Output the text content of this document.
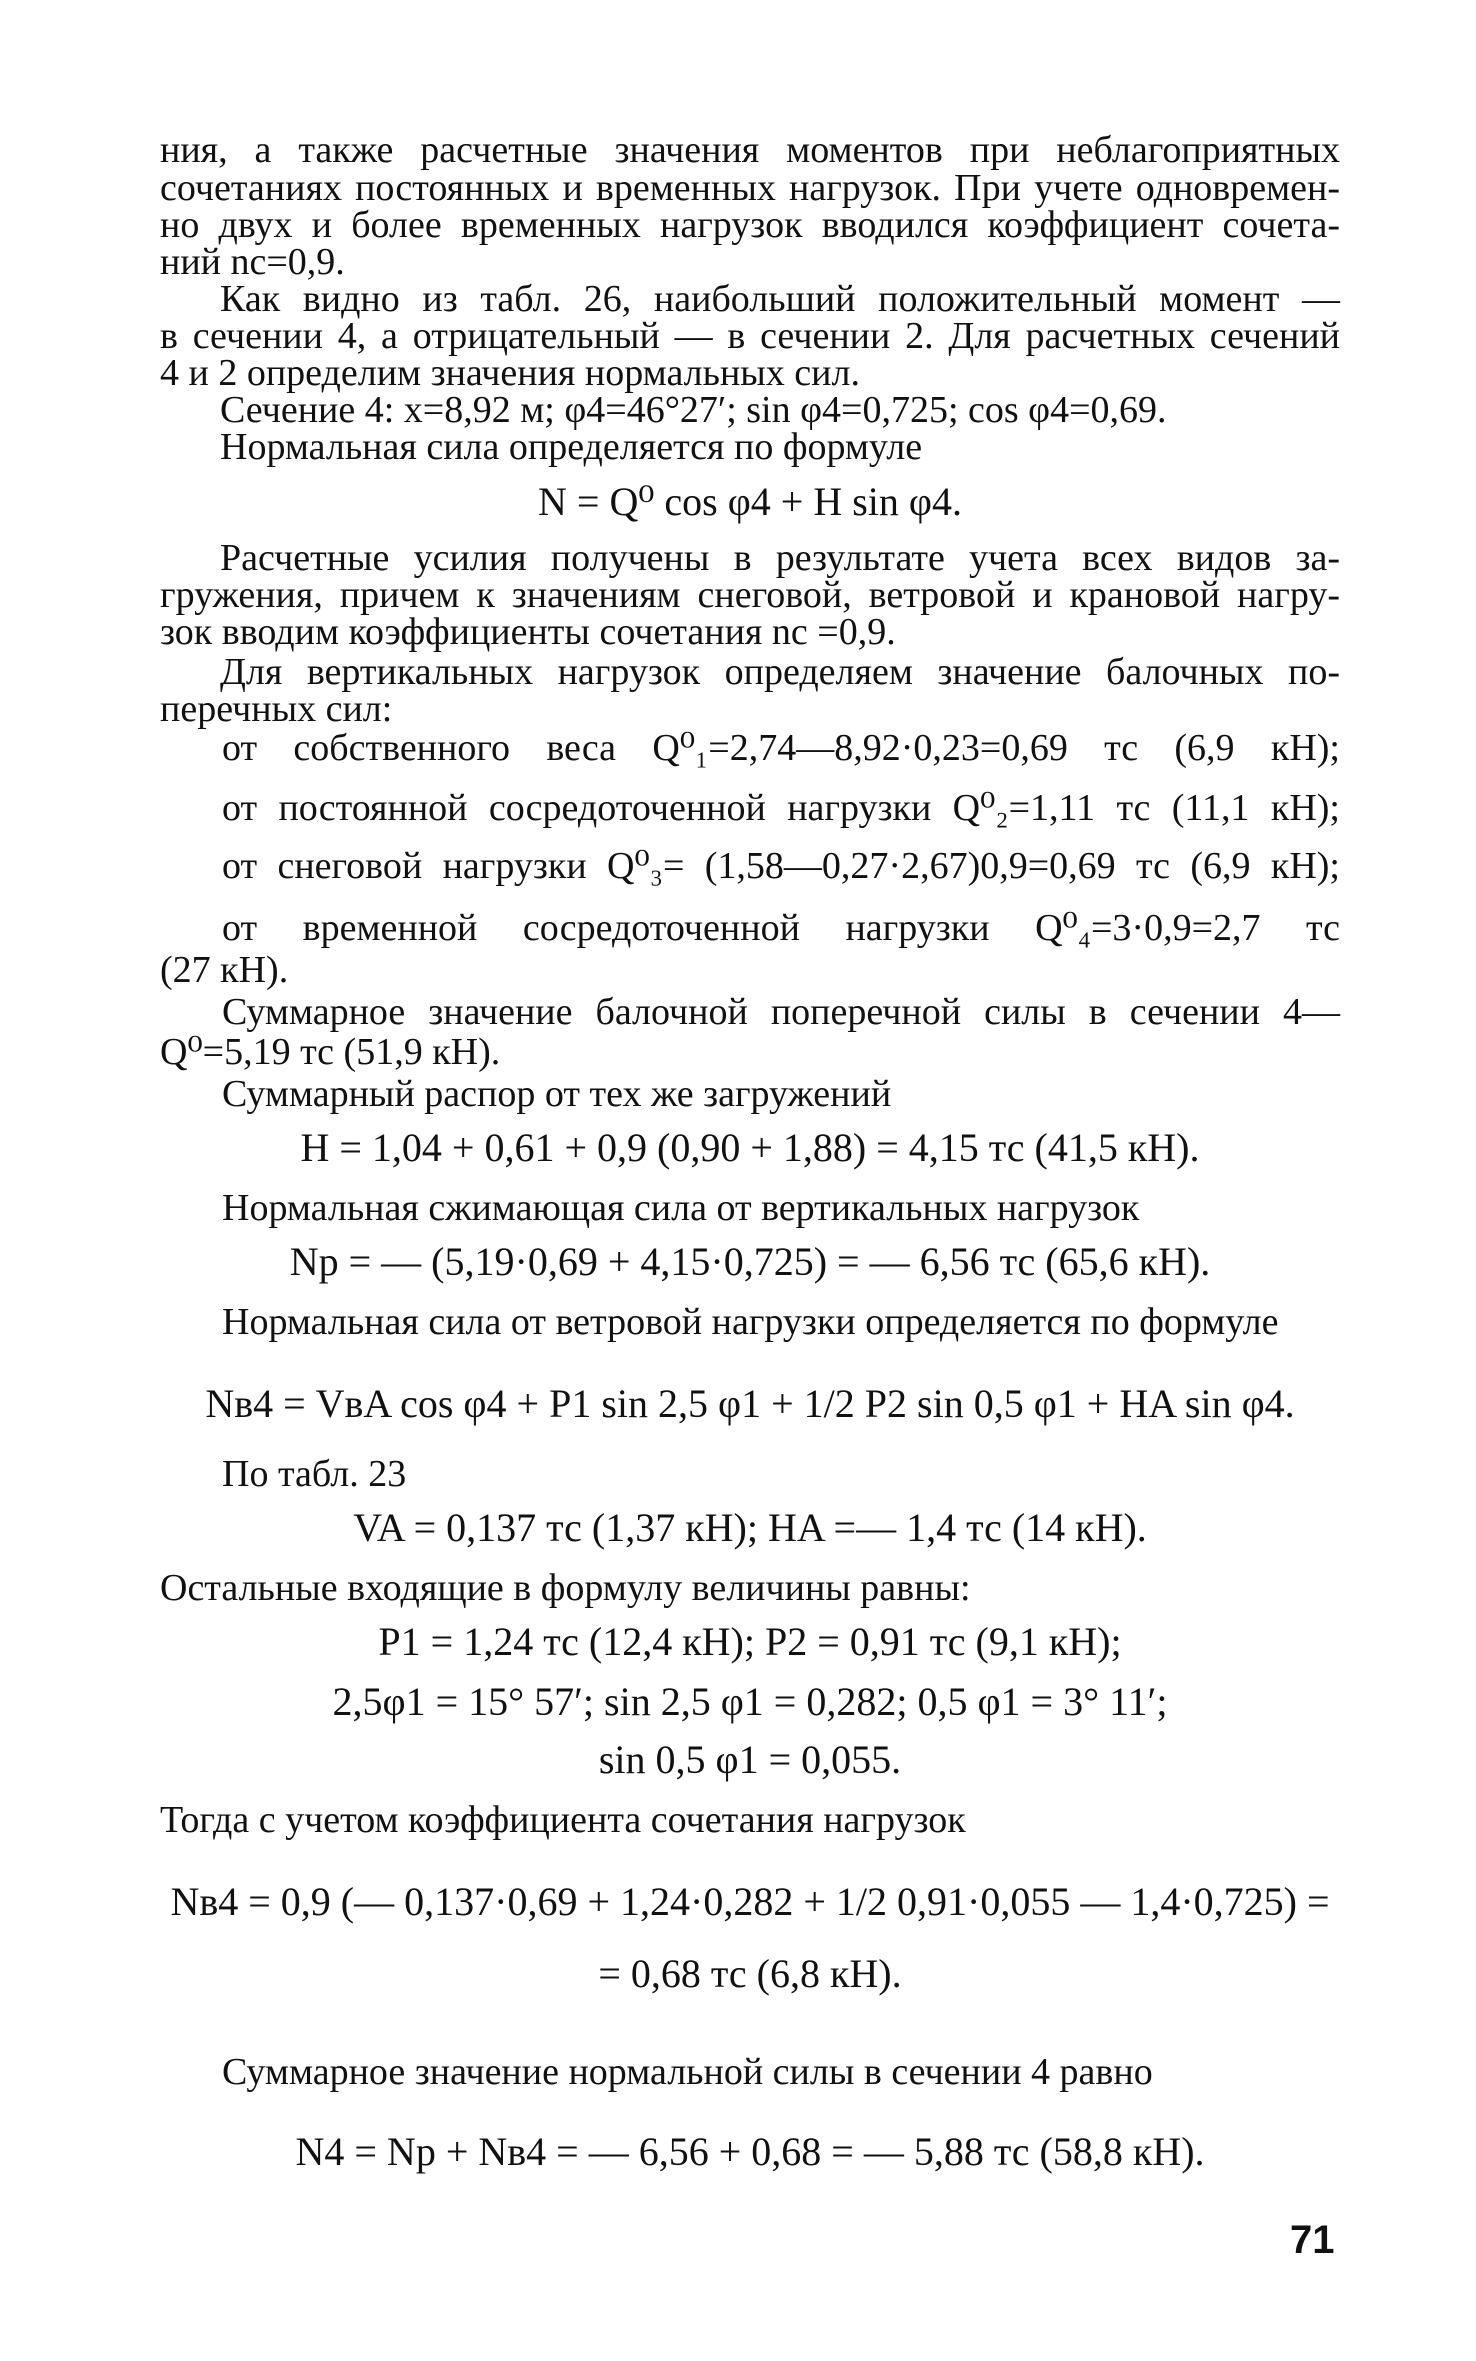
ния, а также расчетные значения моментов при неблагоприятных
сочетаниях постоянных и временных нагрузок. При учете одновремен-
но двух и более временных нагрузок вводился коэффициент сочета-
ний nс=0,9.
Как видно из табл. 26, наибольший положительный момент —
в сечении 4, а отрицательный — в сечении 2. Для расчетных сечений
4 и 2 определим значения нормальных сил.
Сечение 4: x=8,92 м; φ4=46°27′; sin φ4=0,725; cos φ4=0,69.
Нормальная сила определяется по формуле
N = Q⁰ cos φ4 + H sin φ4.
Расчетные усилия получены в результате учета всех видов за-
гружения, причем к значениям снеговой, ветровой и крановой нагру-
зок вводим коэффициенты сочетания nс =0,9.
Для вертикальных нагрузок определяем значение балочных по-
перечных сил:
от собственного веса Q⁰₁=2,74—8,92·0,23=0,69 тс (6,9 кН);
от постоянной сосредоточенной нагрузки Q⁰₂=1,11 тс (11,1 кН);
от снеговой нагрузки Q⁰₃= (1,58—0,27·2,67)0,9=0,69 тс (6,9 кН);
от временной сосредоточенной нагрузки Q⁰₄=3·0,9=2,7 тс
(27 кН).
Суммарное значение балочной поперечной силы в сечении 4—
Q⁰=5,19 тс (51,9 кН).
Суммарный распор от тех же загружений
H = 1,04 + 0,61 + 0,9 (0,90 + 1,88) = 4,15 тс (41,5 кН).
Нормальная сжимающая сила от вертикальных нагрузок
Nр = — (5,19·0,69 + 4,15·0,725) = — 6,56 тс (65,6 кН).
Нормальная сила от ветровой нагрузки определяется по формуле
Nв4 = VвA cos φ4 + P1 sin 2,5 φ1 + 1/2 P2 sin 0,5 φ1 + HA sin φ4.
По табл. 23
VA = 0,137 тс (1,37 кН); HA =— 1,4 тс (14 кН).
Остальные входящие в формулу величины равны:
P1 = 1,24 тс (12,4 кН); P2 = 0,91 тс (9,1 кН);
2,5φ1 = 15° 57′; sin 2,5 φ1 = 0,282; 0,5 φ1 = 3° 11′;
sin 0,5 φ1 = 0,055.
Тогда с учетом коэффициента сочетания нагрузок
Nв4 = 0,9 (— 0,137·0,69 + 1,24·0,282 + 1/2 0,91·0,055 — 1,4·0,725) =
= 0,68 тс (6,8 кН).
Суммарное значение нормальной силы в сечении 4 равно
N4 = Nр + Nв4 = — 6,56 + 0,68 = — 5,88 тс (58,8 кН).
71
